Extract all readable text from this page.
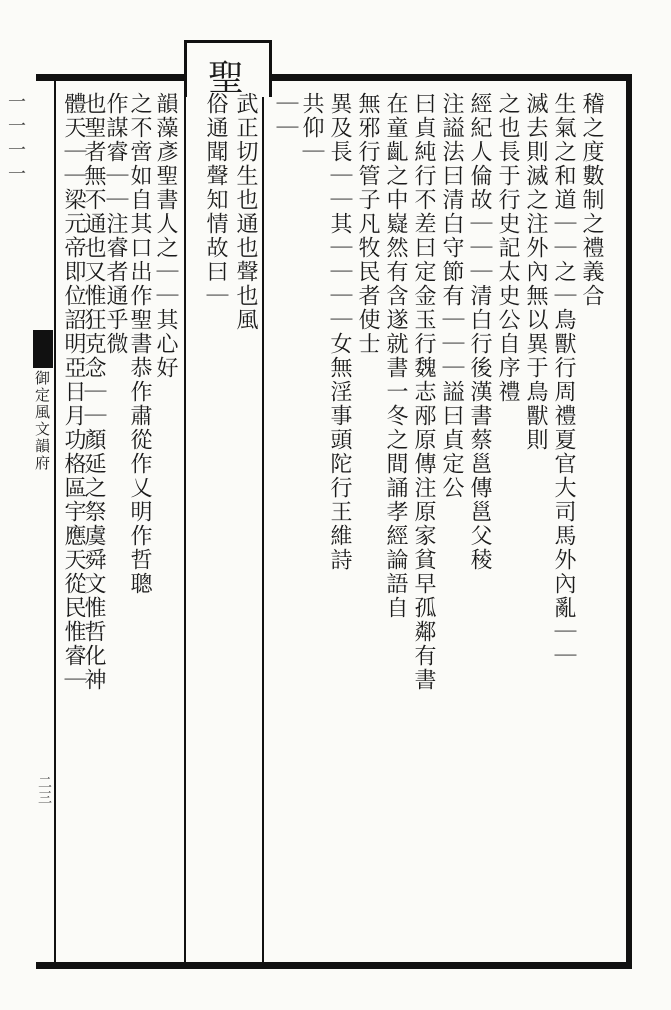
聖
一一一一
御定風文韻府
二三
稽之度數制之禮義合
生氣之和道｜｜之｜鳥獸行周禮夏官大司馬外內亂｜｜
滅去則滅之注外內無以異于鳥獸則
之也長于行史記太史公自序禮
經紀人倫故｜｜｜清白行後漢書蔡邕傳邕父稜
注謚法曰清白守節有｜｜｜謚曰貞定公
曰貞純行不差曰定金玉行魏志邴原傳注原家貧早孤鄰有書
在童齓之中嶷然有含遂就書一冬之間誦孝經論語自
無邪行管子凡牧民者使士
異及長｜｜其｜｜｜｜女無淫事頭陀行王維詩
共仰｜
｜｜
武正切生也通也聲也風
俗通聞聲知情故曰｜
韻藻彥聖書人之｜｜其心好
之不啻如自其口出作聖書恭作肅從作乂明作哲聰
作謀睿｜｜注睿者通乎微
也聖者無不通也又惟狂克念｜｜顏延之祭虞舜文惟哲化神
體天｜｜梁元帝即位詔明亞日月功格區宇應天從民惟睿｜
